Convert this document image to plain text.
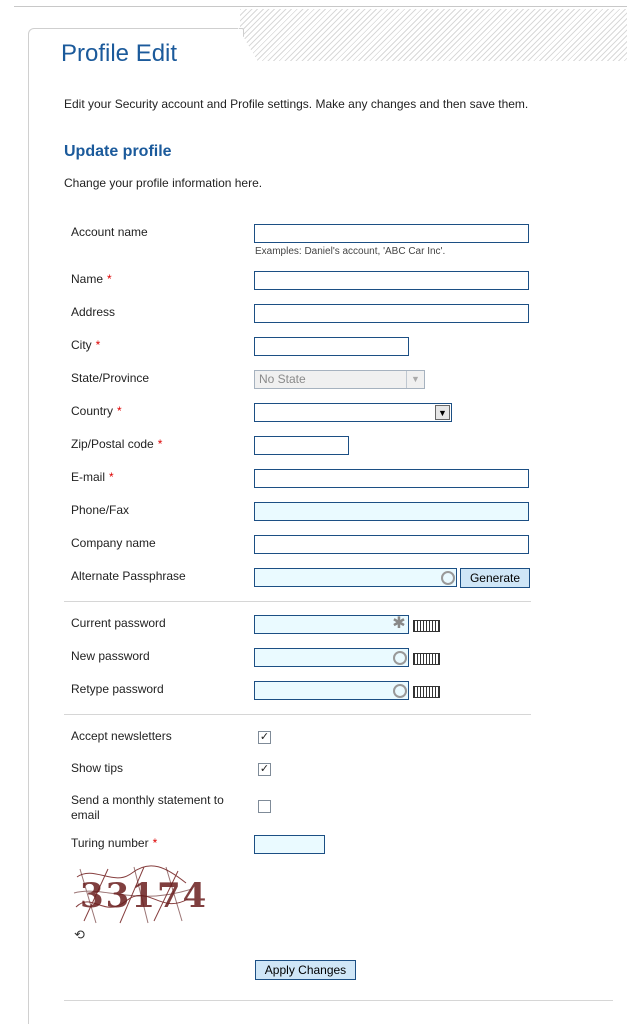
Profile Edit
Edit your Security account and Profile settings. Make any changes and then save them.
Update profile
Change your profile information here.
Account name
Examples: Daniel's account, 'ABC Car Inc'.
Name *
Address
City *
State/Province	No State	▼
Country *	▼
Zip/Postal code *
E-mail *
Phone/Fax
Company name
Alternate Passphrase	Generate
Current password	✱
New password
Retype password
Accept newsletters	✓
Show tips	✓
Send a monthly statement to email
Turing number *
33174
⟲
Apply Changes
